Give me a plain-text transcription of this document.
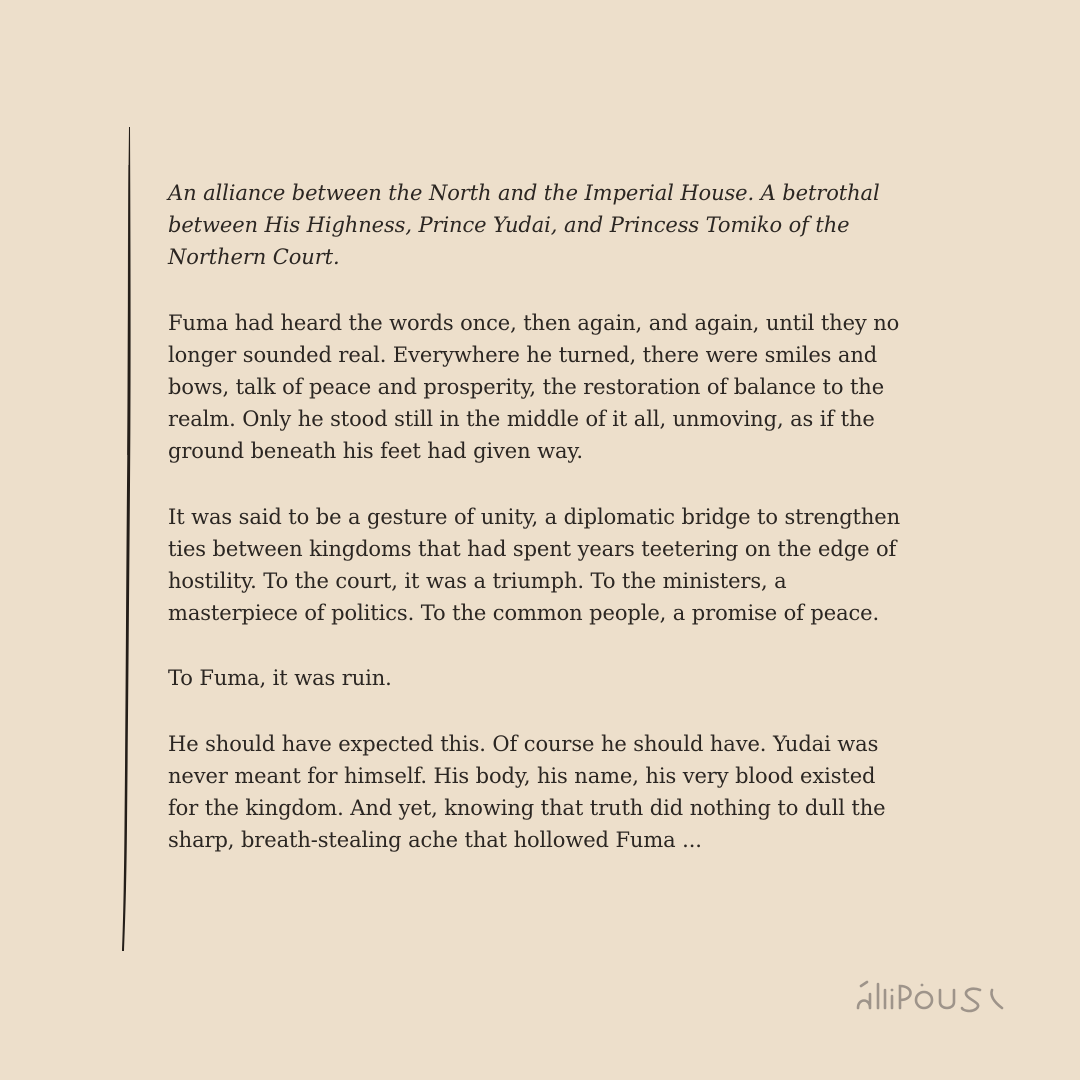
An alliance between the North and the Imperial House. A betrothal
between His Highness, Prince Yudai, and Princess Tomiko of the
Northern Court.

Fuma had heard the words once, then again, and again, until they no
longer sounded real. Everywhere he turned, there were smiles and
bows, talk of peace and prosperity, the restoration of balance to the
realm. Only he stood still in the middle of it all, unmoving, as if the
ground beneath his feet had given way.

It was said to be a gesture of unity, a diplomatic bridge to strengthen
ties between kingdoms that had spent years teetering on the edge of
hostility. To the court, it was a triumph. To the ministers, a
masterpiece of politics. To the common people, a promise of peace.

To Fuma, it was ruin.

He should have expected this. Of course he should have. Yudai was
never meant for himself. His body, his name, his very blood existed
for the kingdom. And yet, knowing that truth did nothing to dull the
sharp, breath-stealing ache that hollowed Fuma ...
